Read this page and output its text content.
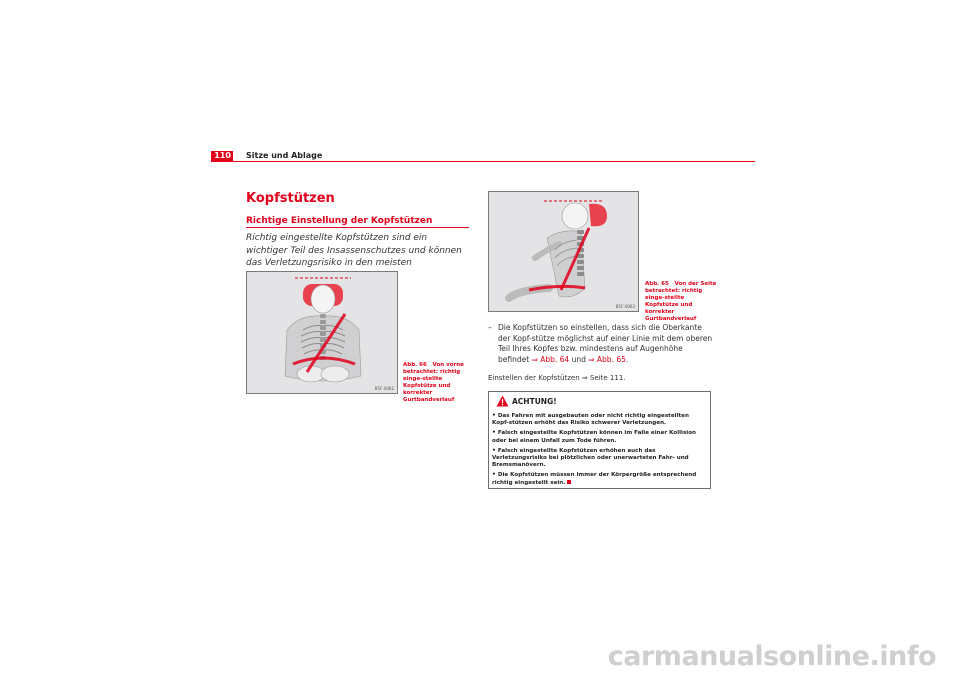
110 Sitze und Ablage
Kopfstützen
Richtige Einstellung der Kopfstützen
Richtig eingestellte Kopfstützen sind ein wichtiger Teil des Insassenschutzes und können das Verletzungsrisiko in den meisten
B5F-0062
Abb. 66 Von vorne betrachtet: richtig einge-stellte Kopfstütze und korrekter Gurtbandverlauf
B5F-0063
Abb. 65 Von der Seite betrachtet: richtig einge-stellte Kopfstütze und korrekter Gurtbandverlauf
– Die Kopfstützen so einstellen, dass sich die Oberkante der Kopf-stütze möglichst auf einer Linie mit dem oberen Teil Ihres Kopfes bzw. mindestens auf Augenhöhe befindet ⇒ Abb. 64 und ⇒ Abb. 65.
Einstellen der Kopfstützen ⇒ Seite 111.
ACHTUNG!
• Das Fahren mit ausgebauten oder nicht richtig eingestellten Kopf-stützen erhöht das Risiko schwerer Verletzungen.
• Falsch eingestellte Kopfstützen können im Falle einer Kollision oder bei einem Unfall zum Tode führen.
• Falsch eingestellte Kopfstützen erhöhen auch das Verletzungsrisiko bei plötzlichen oder unerwarteten Fahr- und Bremsmanövern.
• Die Kopfstützen müssen immer der Körpergröße entsprechend richtig eingestellt sein.
carmanualsonline.info
